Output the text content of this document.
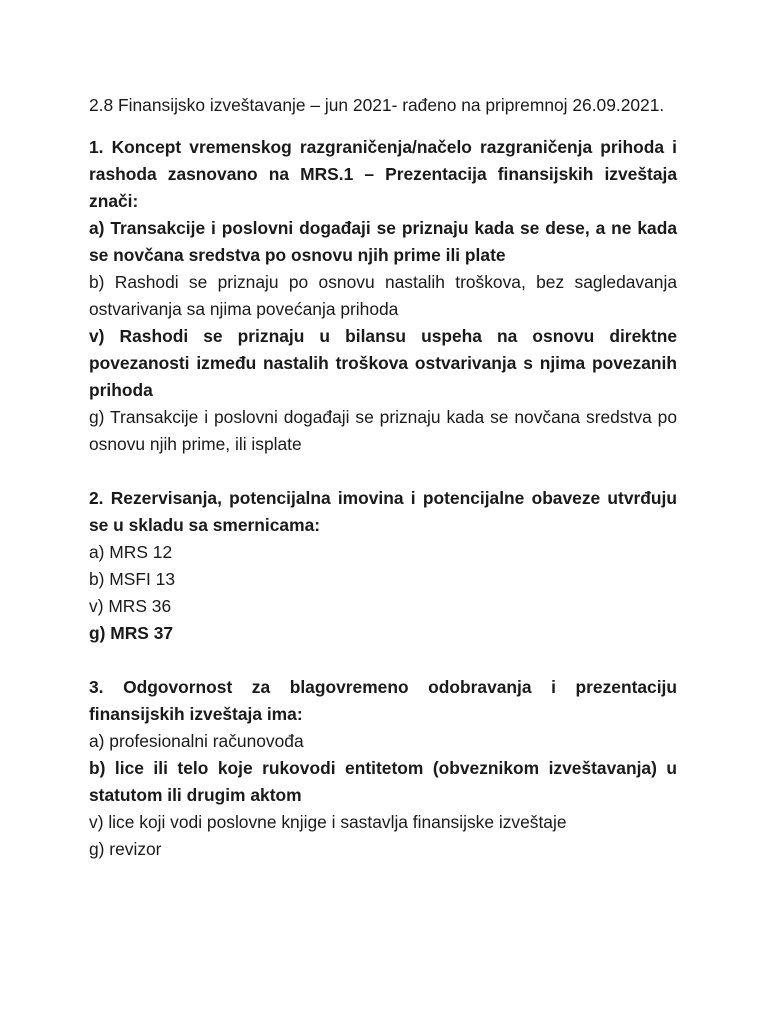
2.8 Finansijsko izveštavanje – jun 2021- rađeno na pripremnoj 26.09.2021.

1. Koncept vremenskog razgraničenja/načelo razgraničenja prihoda i rashoda zasnovano na MRS.1 – Prezentacija finansijskih izveštaja znači:

a) Transakcije i poslovni događaji se priznaju kada se dese, a ne kada se novčana sredstva po osnovu njih prime ili plate

b) Rashodi se priznaju po osnovu nastalih troškova, bez sagledavanja ostvarivanja sa njima povećanja prihoda

v) Rashodi se priznaju u bilansu uspeha na osnovu direktne povezanosti između nastalih troškova ostvarivanja s njima povezanih prihoda

g) Transakcije i poslovni događaji se priznaju kada se novčana sredstva po osnovu njih prime, ili isplate

2. Rezervisanja, potencijalna imovina i potencijalne obaveze utvrđuju se u skladu sa smernicama:

a) MRS 12

b) MSFI 13

v) MRS 36

g) MRS 37

3. Odgovornost za blagovremeno odobravanja i prezentaciju finansijskih izveštaja ima:

a) profesionalni računovođa

b) lice ili telo koje rukovodi entitetom (obveznikom izveštavanja) u statutom ili drugim aktom

v) lice koji vodi poslovne knjige i sastavlja finansijske izveštaje

g) revizor
